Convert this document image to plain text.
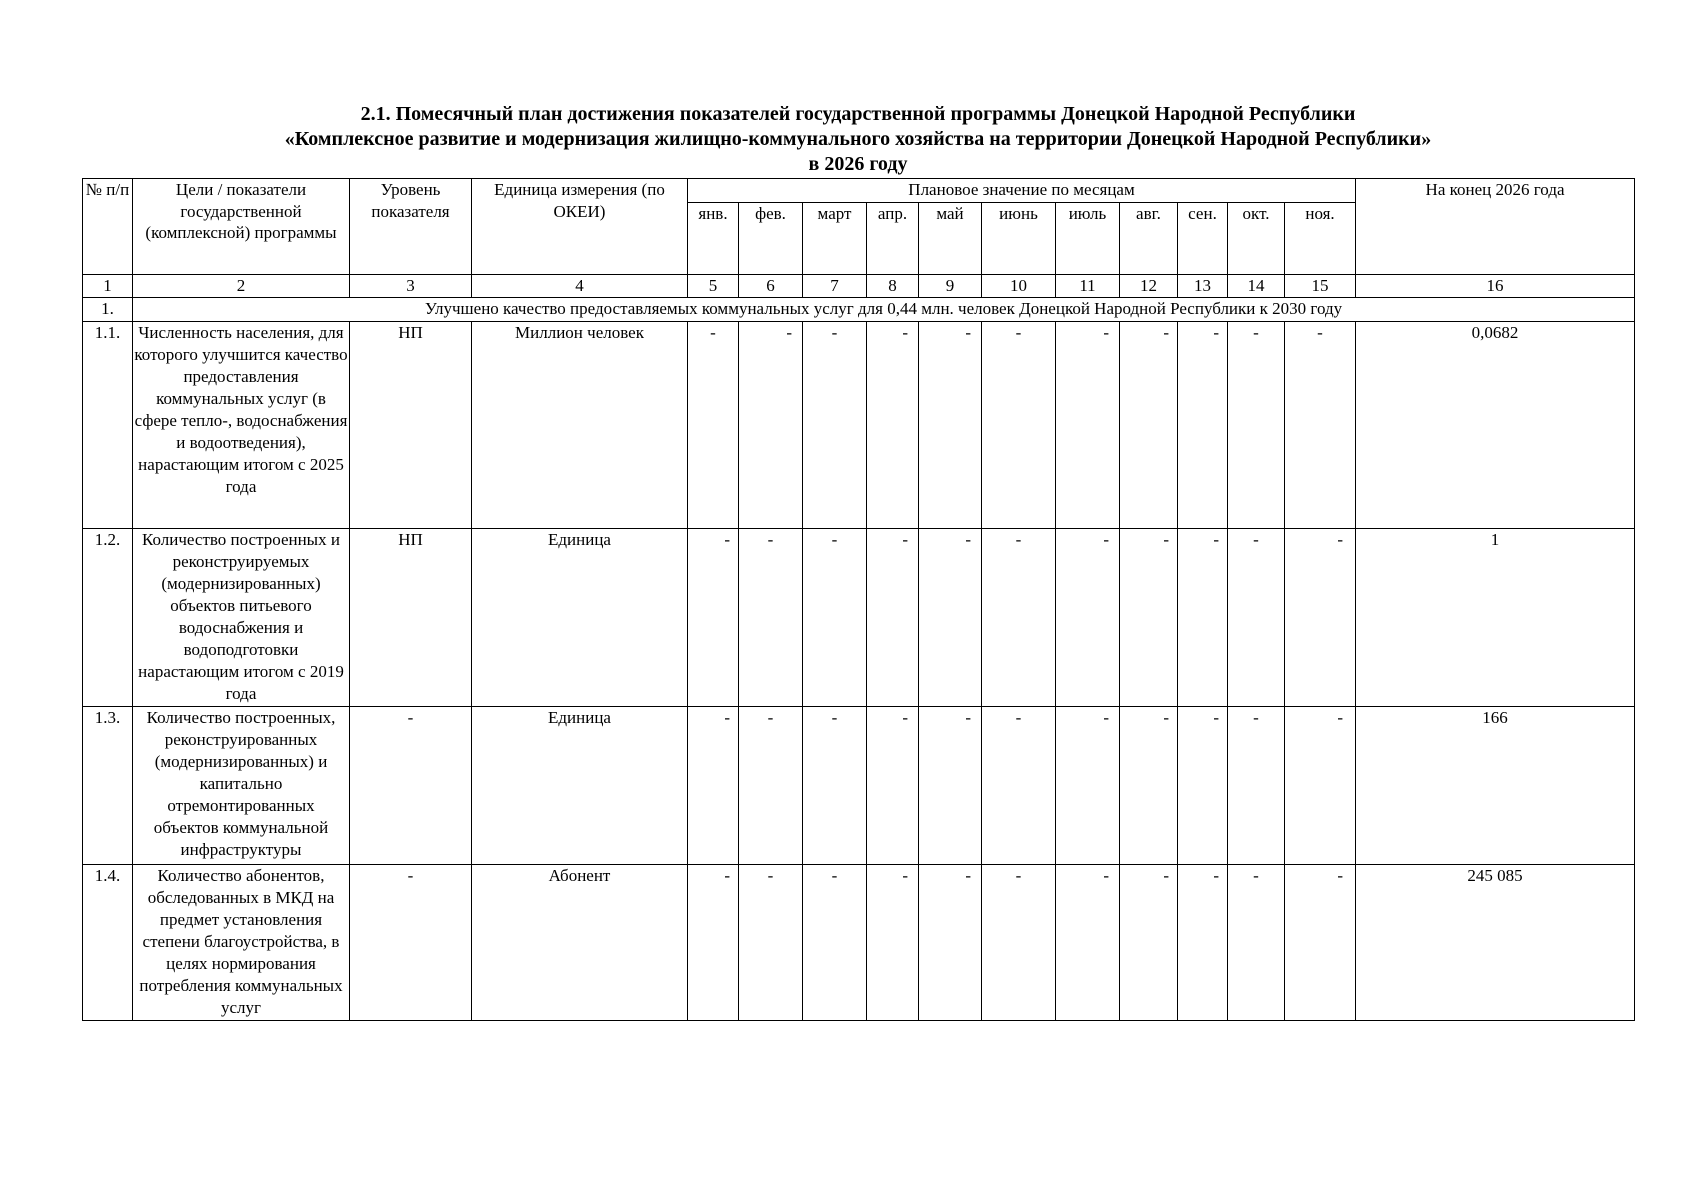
2.1. Помесячный план достижения показателей государственной программы Донецкой Народной Республики
«Комплексное развитие и модернизация жилищно-коммунального хозяйства на территории Донецкой Народной Республики»
в 2026 году
№ п/п	Цели / показатели государственной (комплексной) программы	Уровень показателя	Единица измерения (по ОКЕИ)	Плановое значение по месяцам											На конец 2026 года
				янв.	фев.	март	апр.	май	июнь	июль	авг.	сен.	окт.	ноя.	
1	2	3	4	5	6	7	8	9	10	11	12	13	14	15	16
1.	Улучшено качество предоставляемых коммунальных услуг для 0,44 млн. человек Донецкой Народной Республики к 2030 году														
1.1.	Численность населения, для которого улучшится качество предоставления коммунальных услуг (в сфере тепло-, водоснабжения и водоотведения), нарастающим итогом с 2025 года	НП	Миллион человек	-	-	-	-	-	-	-	-	-	-	-	0,0682
1.2.	Количество построенных и реконструируемых (модернизированных) объектов питьевого водоснабжения и водоподготовки нарастающим итогом с 2019 года	НП	Единица	-	-	-	-	-	-	-	-	-	-	-	1
1.3.	Количество построенных, реконструированных (модернизированных) и капитально отремонтированных объектов коммунальной инфраструктуры	-	Единица	-	-	-	-	-	-	-	-	-	-	-	166
1.4.	Количество абонентов, обследованных в МКД на предмет установления степени благоустройства, в целях нормирования потребления коммунальных услуг	-	Абонент	-	-	-	-	-	-	-	-	-	-	-	245 085
